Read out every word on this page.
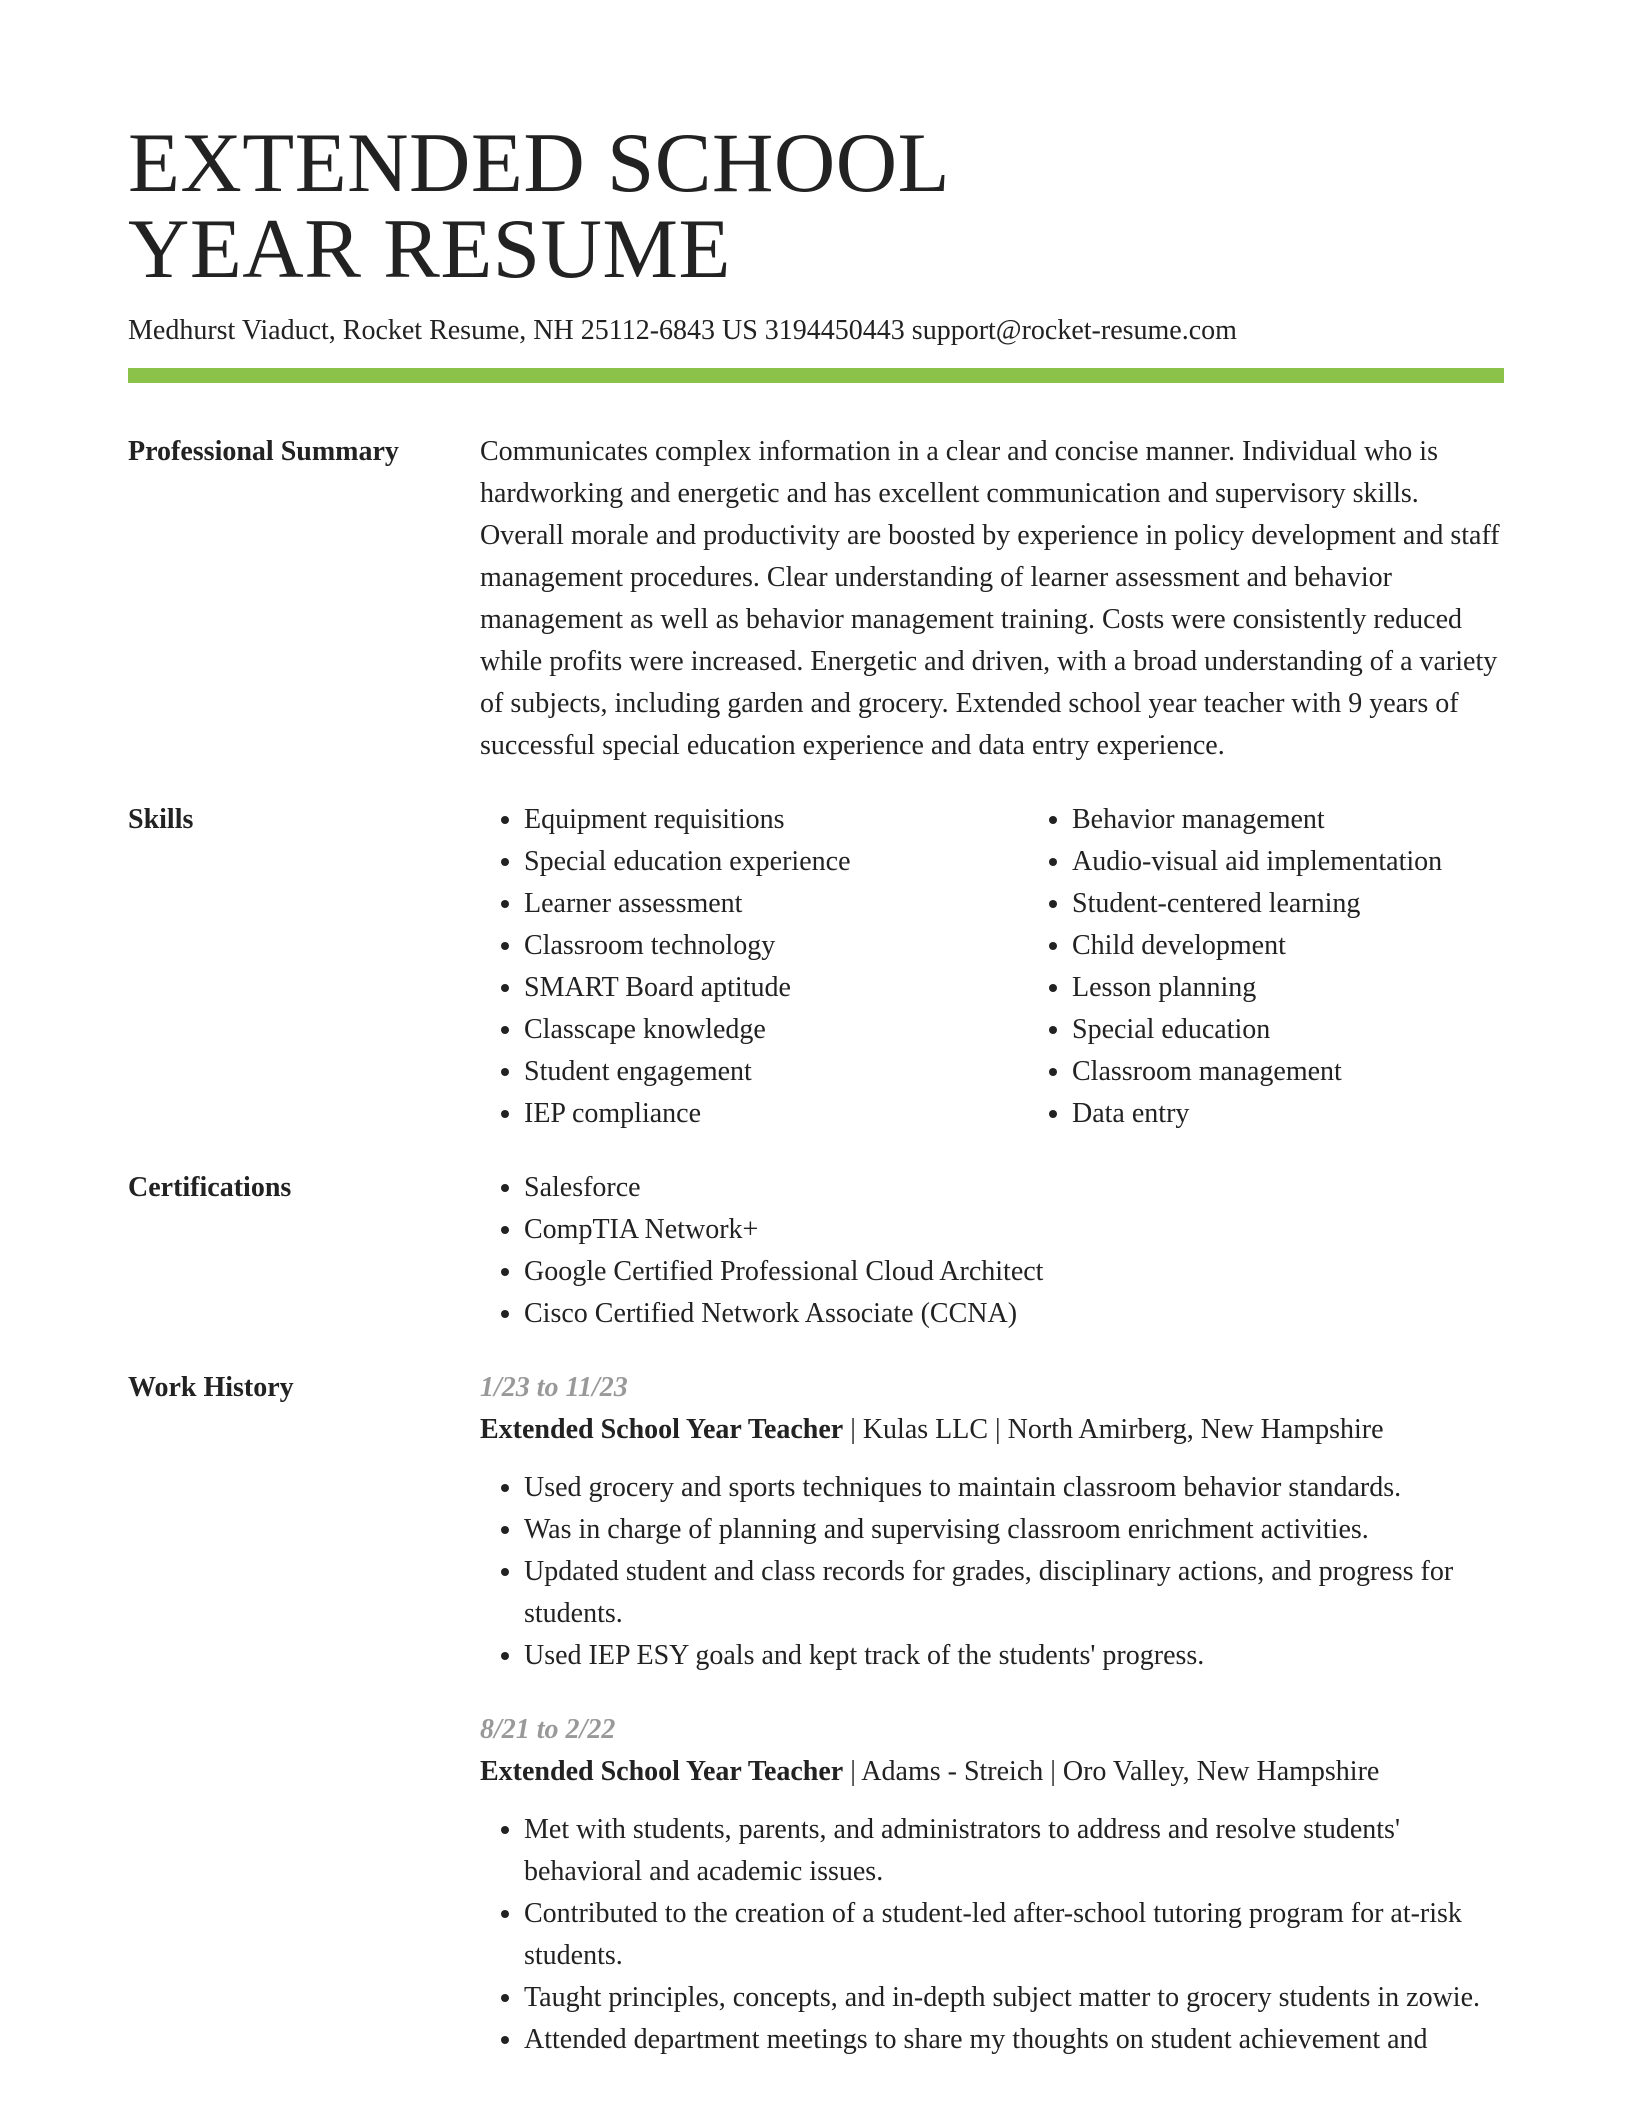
EXTENDED SCHOOL
YEAR RESUME
Medhurst Viaduct, Rocket Resume, NH 25112-6843 US 3194450443 support@rocket-resume.com
Professional Summary	Communicates complex information in a clear and concise manner. Individual who is hardworking and energetic and has excellent communication and supervisory skills. Overall morale and productivity are boosted by experience in policy development and staff management procedures. Clear understanding of learner assessment and behavior management as well as behavior management training. Costs were consistently reduced while profits were increased. Energetic and driven, with a broad understanding of a variety of subjects, including garden and grocery. Extended school year teacher with 9 years of successful special education experience and data entry experience.

Skills	• Equipment requisitions
• Special education experience
• Learner assessment
• Classroom technology
• SMART Board aptitude
• Classcape knowledge
• Student engagement
• IEP compliance
• Behavior management
• Audio-visual aid implementation
• Student-centered learning
• Child development
• Lesson planning
• Special education
• Classroom management
• Data entry
Certifications	• Salesforce
• CompTIA Network+
• Google Certified Professional Cloud Architect
• Cisco Certified Network Associate (CCNA)
Work History	1/23 to 11/23
Extended School Year Teacher | Kulas LLC | North Amirberg, New Hampshire
• Used grocery and sports techniques to maintain classroom behavior standards.
• Was in charge of planning and supervising classroom enrichment activities.
• Updated student and class records for grades, disciplinary actions, and progress for students.
• Used IEP ESY goals and kept track of the students' progress.
8/21 to 2/22
Extended School Year Teacher | Adams - Streich | Oro Valley, New Hampshire
• Met with students, parents, and administrators to address and resolve students' behavioral and academic issues.
• Contributed to the creation of a student-led after-school tutoring program for at-risk students.
• Taught principles, concepts, and in-depth subject matter to grocery students in zowie.
• Attended department meetings to share my thoughts on student achievement and
